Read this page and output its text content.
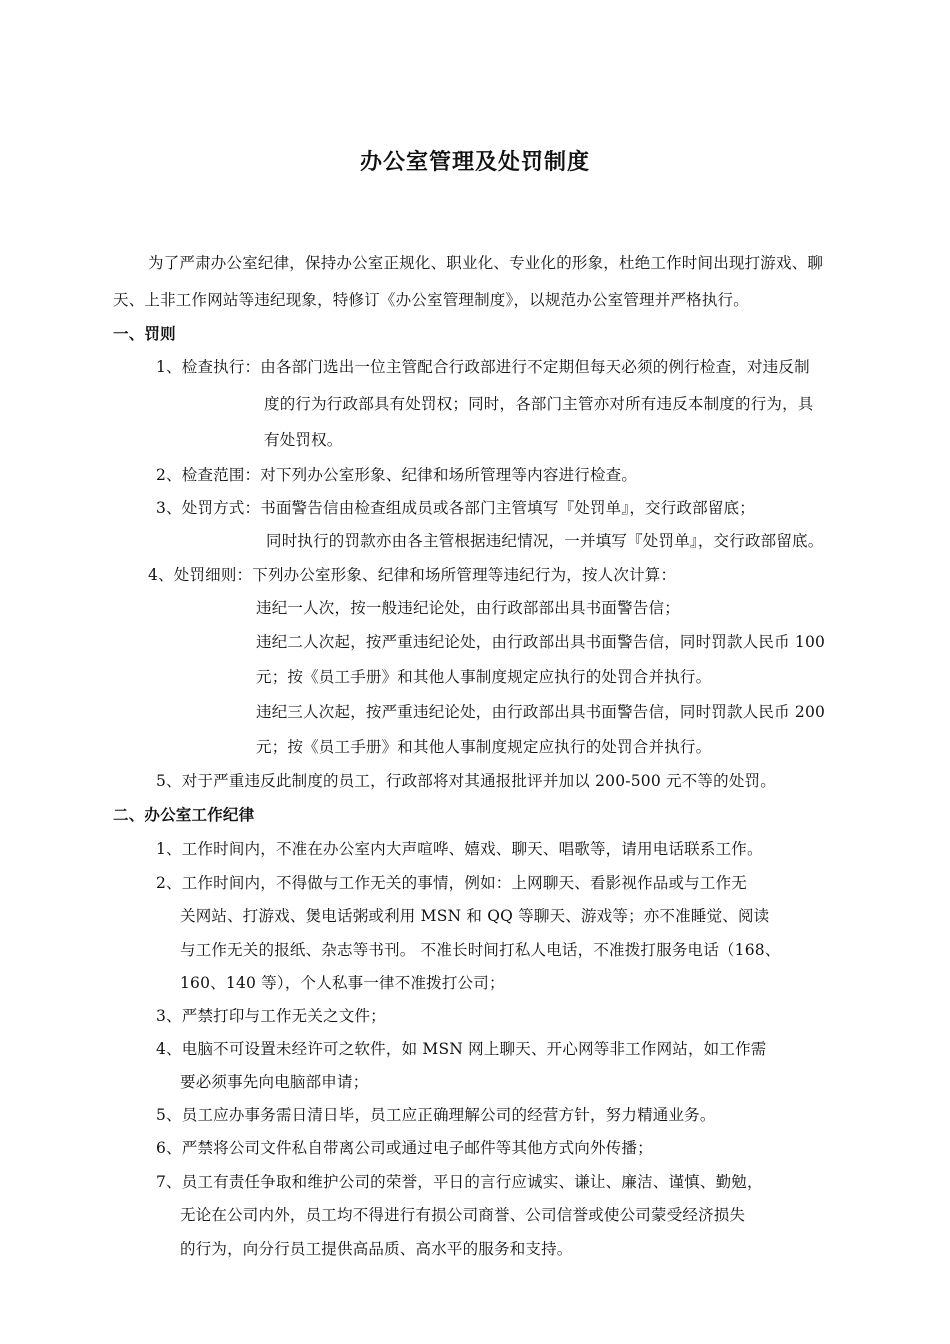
办公室管理及处罚制度
为了严肃办公室纪律，保持办公室正规化、职业化、专业化的形象，杜绝工作时间出现打游戏、聊
天、上非工作网站等违纪现象，特修订《办公室管理制度》，以规范办公室管理并严格执行。
一、罚则
1、检查执行：由各部门选出一位主管配合行政部进行不定期但每天必须的例行检查，对违反制
度的行为行政部具有处罚权；同时，各部门主管亦对所有违反本制度的行为，具
有处罚权。
2、检查范围：对下列办公室形象、纪律和场所管理等内容进行检查。
3、处罚方式：书面警告信由检查组成员或各部门主管填写『处罚单』，交行政部留底；
同时执行的罚款亦由各主管根据违纪情况，一并填写『处罚单』，交行政部留底。
4、处罚细则：下列办公室形象、纪律和场所管理等违纪行为，按人次计算：
违纪一人次，按一般违纪论处，由行政部部出具书面警告信；
违纪二人次起，按严重违纪论处，由行政部出具书面警告信，同时罚款人民币 100
元；按《员工手册》和其他人事制度规定应执行的处罚合并执行。
违纪三人次起，按严重违纪论处，由行政部出具书面警告信，同时罚款人民币 200
元；按《员工手册》和其他人事制度规定应执行的处罚合并执行。
5、对于严重违反此制度的员工，行政部将对其通报批评并加以 200-500 元不等的处罚。
二、办公室工作纪律
1、工作时间内，不准在办公室内大声喧哗、嬉戏、聊天、唱歌等，请用电话联系工作。
2、工作时间内，不得做与工作无关的事情，例如：上网聊天、看影视作品或与工作无
关网站、打游戏、煲电话粥或利用 MSN 和 QQ 等聊天、游戏等；亦不准睡觉、阅读
与工作无关的报纸、杂志等书刊。 不准长时间打私人电话，不准拨打服务电话（168、
160、140 等），个人私事一律不准拨打公司；
3、严禁打印与工作无关之文件；
4、电脑不可设置未经许可之软件，如 MSN 网上聊天、开心网等非工作网站，如工作需
要必须事先向电脑部申请；
5、员工应办事务需日清日毕，员工应正确理解公司的经营方针，努力精通业务。
6、严禁将公司文件私自带离公司或通过电子邮件等其他方式向外传播；
7、员工有责任争取和维护公司的荣誉，平日的言行应诚实、谦让、廉洁、谨慎、勤勉，
无论在公司内外，员工均不得进行有损公司商誉、公司信誉或使公司蒙受经济损失
的行为，向分行员工提供高品质、高水平的服务和支持。
